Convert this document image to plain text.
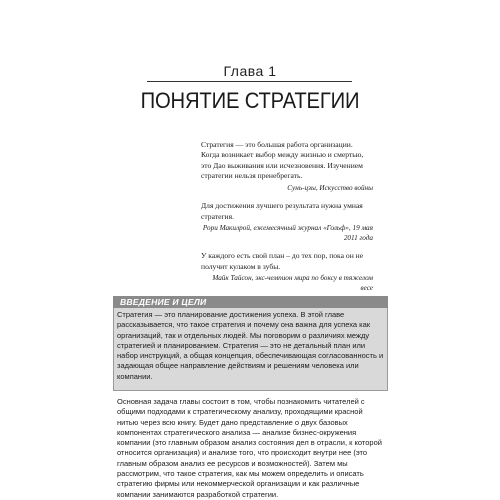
Глава 1
ПОНЯТИЕ СТРАТЕГИИ

Стратегия — это большая работа организации. Когда возникает выбор между жизнью и смертью, это Дао выживания или исчезновения. Изучением стратегии нельзя пренебрегать.

Сунь-цзы, Искусство войны

Для достижения лучшего результата нужна умная стратегия.

Рори Макилрой, ежемесячный журнал «Гольф», 19 мая 2011 года

У каждого есть свой план – до тех пор, пока он не получит кулаком в зубы.

Майк Тайсон, экс-чемпион мира по боксу в тяжелом весе

ВВЕДЕНИЕ И ЦЕЛИ

Стратегия — это планирование достижения успеха. В этой главе рассказывается, что такое стратегия и почему она важна для успеха как организаций, так и отдельных людей. Мы поговорим о различиях между стратегией и планированием. Стратегия — это не детальный план или набор инструкций, а общая концепция, обеспечивающая согласованность и задающая общее направление действиям и решениям человека или компании.

Основная задача главы состоит в том, чтобы познакомить читателей с общими подходами к стратегическому анализу, проходящими красной нитью через всю книгу. Будет дано представление о двух базовых компонентах стратегического анализа — анализе бизнес-окружения компании (это главным образом анализ состояния дел в отрасли, к которой относится организация) и анализе того, что происходит внутри нее (это главным образом анализ ее ресурсов и возможностей). Затем мы рассмотрим, что такое стратегия, как мы можем определить и описать стратегию фирмы или некоммерческой организации и как различные компании занимаются разработкой стратегии.
